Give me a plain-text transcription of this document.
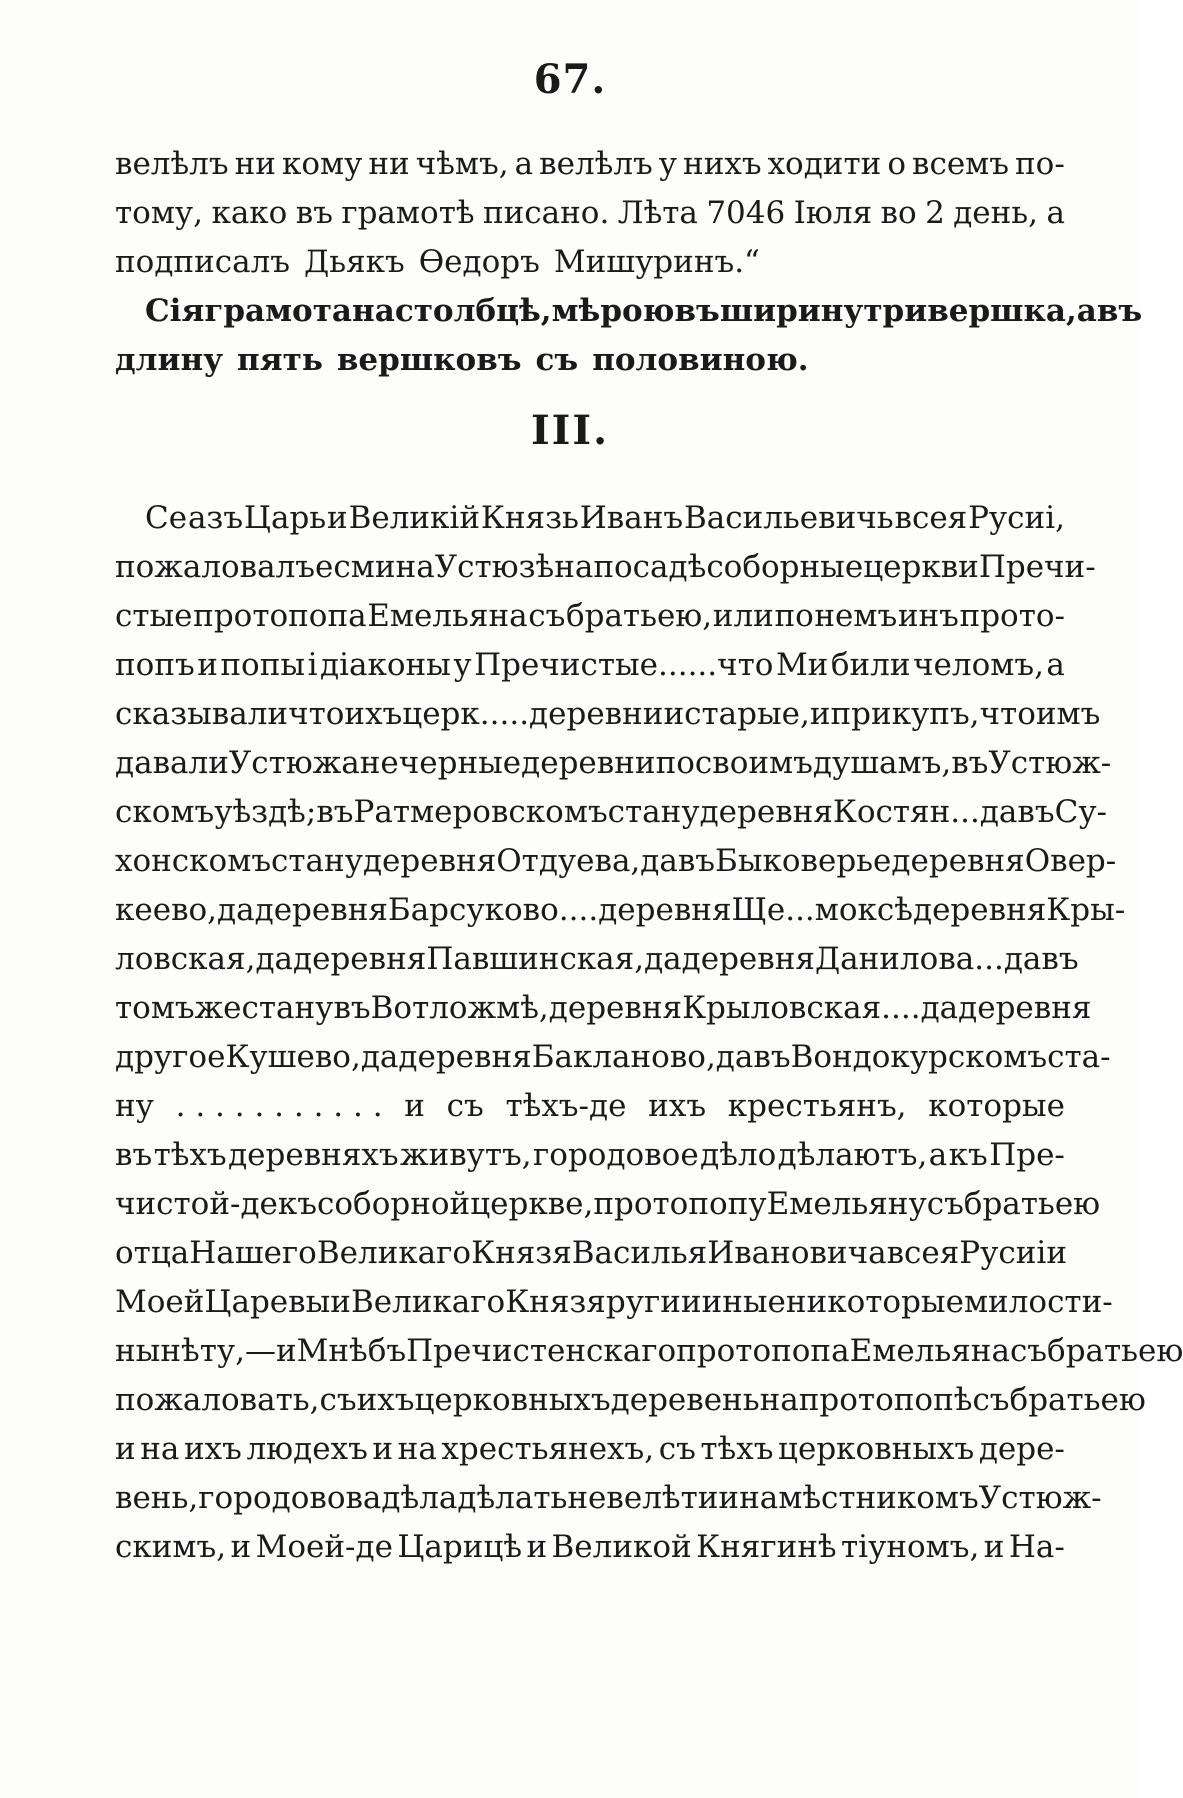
67.
велѣлъ ни кому ни чѣмъ, а велѣлъ у нихъ ходити о всемъ по-
тому, како въ грамотѣ писано. Лѣта 7046 Іюля во 2 день, а
подписалъ Дьякъ Ѳедоръ Мишуринъ.“
Сія грамота на столбцѣ, мѣрою въ ширину три вершка, а въ
длину пять вершковъ съ половиною.
III.
Се азъ Царь и Великій Князь Иванъ Васильевичь всея Русиі,
пожаловалъ есми на Устюзѣ на посадѣ соборные церкви Пречи-
стые протопопа Емельяна съ братьею, или по немъ инъ прото-
попъ и попы і діаконы у Пречистые......что Ми били челомъ, а
сказывали что ихъ церк.....деревни и старые, и прикупъ, что имъ
давали Устюжане черные деревни по своимъ душамъ, въ Устюж-
скомъ уѣздѣ; въ Ратмеровскомъ стану деревня Костян...да въ Су-
хонскомъ стану деревня Отдуева, да въ Быковерье деревня Овер-
кеево, да деревня Барсуково....деревня Ще...моксѣ деревня Кры-
ловская, да деревня Павшинская, да деревня Данилова...да въ
томъ же стану въ Вотложмѣ, деревня Крыловская....да деревня
другое Кушево, да деревня Бакланово, да въ Вондокурскомъ ста-
ну . . . . . . . . . . . и съ тѣхъ-де ихъ крестьянъ, которые
въ тѣхъ деревняхъ живутъ, городовое дѣло дѣлаютъ, а къ Пре-
чистой-де къ соборной церкве, протопопу Емельяну съ братьею
отца Нашего Великаго Князя Василья Ивановича всея Русиі и
Моей Царевы и Великаго Князя руги и иные никоторые милости-
ны нѣту,—и Мнѣбъ Пречистенскаго протопопа Емельяна съ братьею
пожаловать, съ ихъ церковныхъ деревень на протопопѣ съ братьею
и на ихъ людехъ и на хрестьянехъ, съ тѣхъ церковныхъ дере-
вень, городовова дѣла дѣлать не велѣти и намѣстникомъ Устюж-
скимъ, и Моей-де Царицѣ и Великой Княгинѣ тіуномъ, и На-
